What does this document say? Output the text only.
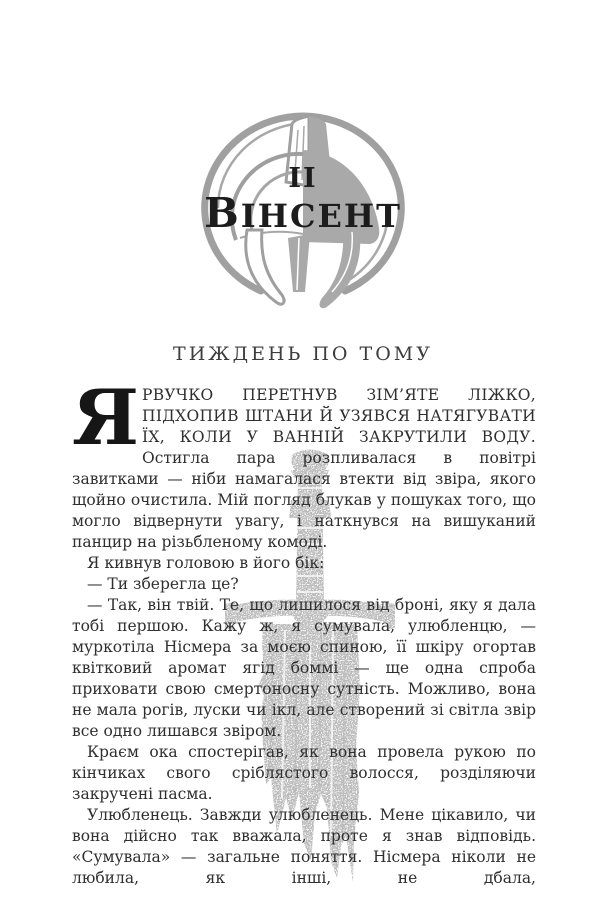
II
ВІНСЕНТ
ТИЖДЕНЬ ПО ТОМУ

ЯРВУЧКО ПЕРЕТНУВ ЗІМ’ЯТЕ ЛІЖКО, ПІДХОПИВ ШТАНИ Й УЗЯВСЯ НАТЯГУВАТИ ЇХ, КОЛИ У ВАННІЙ ЗАКРУТИЛИ ВОДУ. Остигла пара розпливалася в повітрі завитками — ніби намагалася втекти від звіра, якого щойно очистила. Мій погляд блукав у пошуках того, що могло відвернути увагу, і наткнувся на вишуканий панцир на різьбленому комоді.

Я кивнув головою в його бік:

— Ти зберегла це?

— Так, він твій. Те, що лишилося від броні, яку я дала тобі першою. Кажу ж, я сумувала, улюбленцю, — муркотіла Нісмера за моєю спиною, її шкіру огортав квітковий аромат ягід боммі — ще одна спроба приховати свою смертоносну сутність. Можливо, вона не мала рогів, луски чи ікл, але створений зі світла звір все одно лишався звіром.

Краєм ока спостерігав, як вона провела рукою по кінчиках свого сріблястого волосся, розділяючи закручені пасма.

Улюбленець. Завжди улюбленець. Мене цікавило, чи вона дійсно так вважала, проте я знав відповідь. «Сумувала» — загальне поняття. Нісмера ніколи не любила, як інші, не дбала,
